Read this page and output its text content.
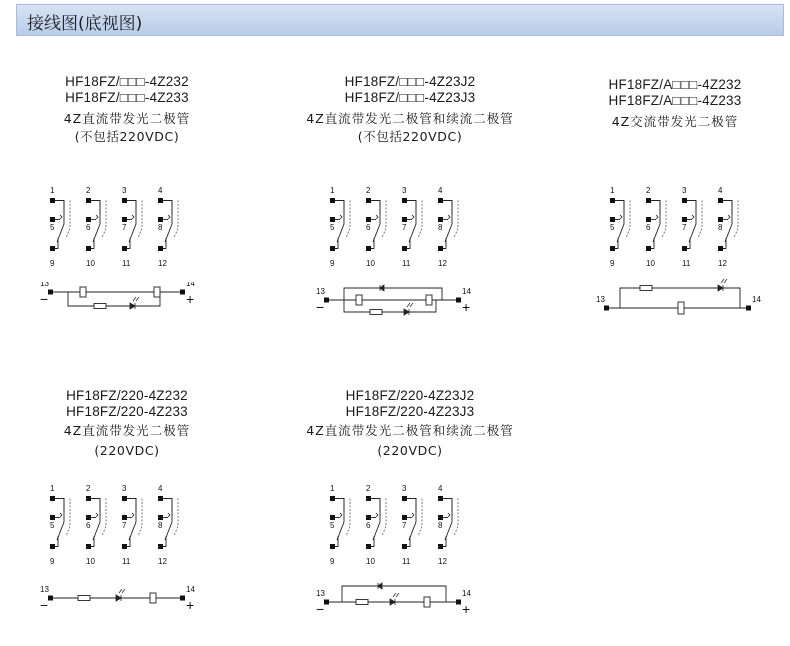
接线图(底视图)
HF18FZ/□□□-4Z232
HF18FZ/□□□-4Z233
4Z直流带发光二极管
(不包括220VDC)
1
5
9
2
6
10
3
7
11
4
8
12
13	14
−	+
HF18FZ/□□□-4Z23J2
HF18FZ/□□□-4Z23J3
4Z直流带发光二极管和续流二极管
(不包括220VDC)
1
5
9
2
6
10
3
7
11
4
8
12
13	14
−	+
HF18FZ/A□□□-4Z232
HF18FZ/A□□□-4Z233
4Z交流带发光二极管
1
5
9
2
6
10
3
7
11
4
8
12
13	14
HF18FZ/220-4Z232
HF18FZ/220-4Z233
4Z直流带发光二极管
(220VDC)
1
5
9
2
6
10
3
7
11
4
8
12
13	14
−	+
HF18FZ/220-4Z23J2
HF18FZ/220-4Z23J3
4Z直流带发光二极管和续流二极管
(220VDC)
1
5
9
2
6
10
3
7
11
4
8
12
13	14
−	+
